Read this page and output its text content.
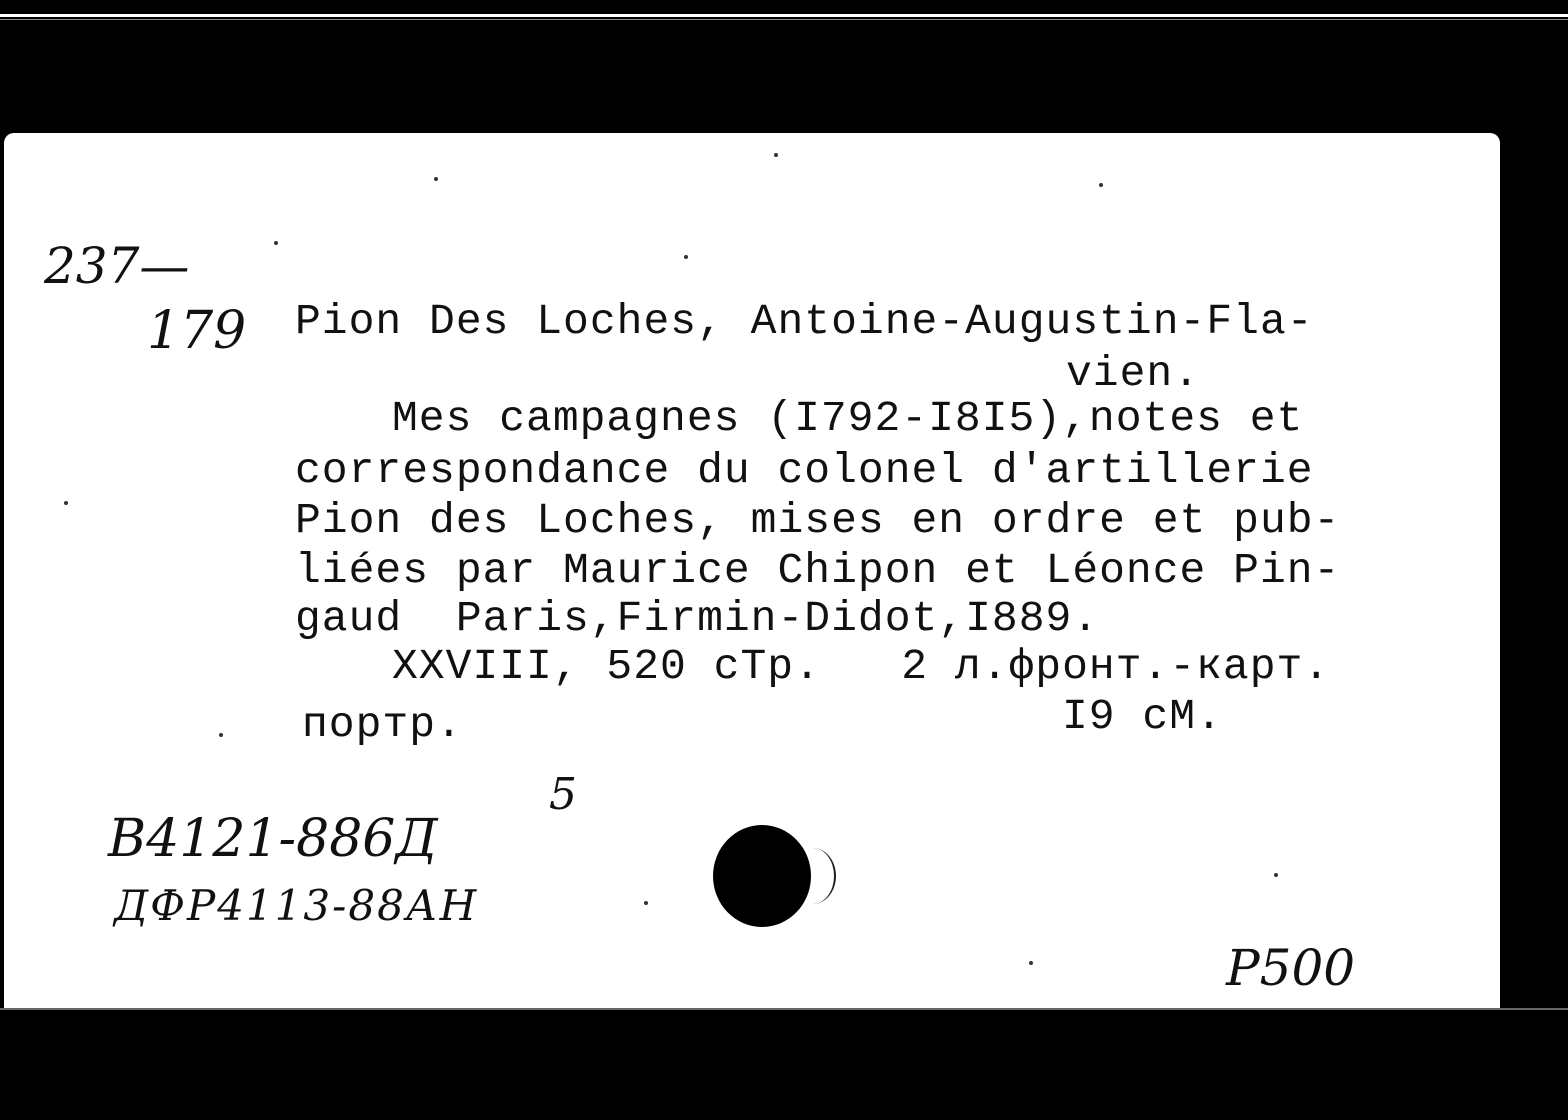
237—
179 Pion Des Loches, Antoine-Augustin-Fla-
vien.
Mes campagnes (I792-I8I5),notes et
correspondance du colonel d'artillerie
Pion des Loches, mises en ordre et pub-
liées par Maurice Chipon et Léonce Pin-
gaud  Paris,Firmin-Didot,I889.
XXVIII, 520 cTp.   2 л.фронт.-карт.
портр.	I9 cM.
B4121-886Д
5
ДФР4113-88АН
P500
